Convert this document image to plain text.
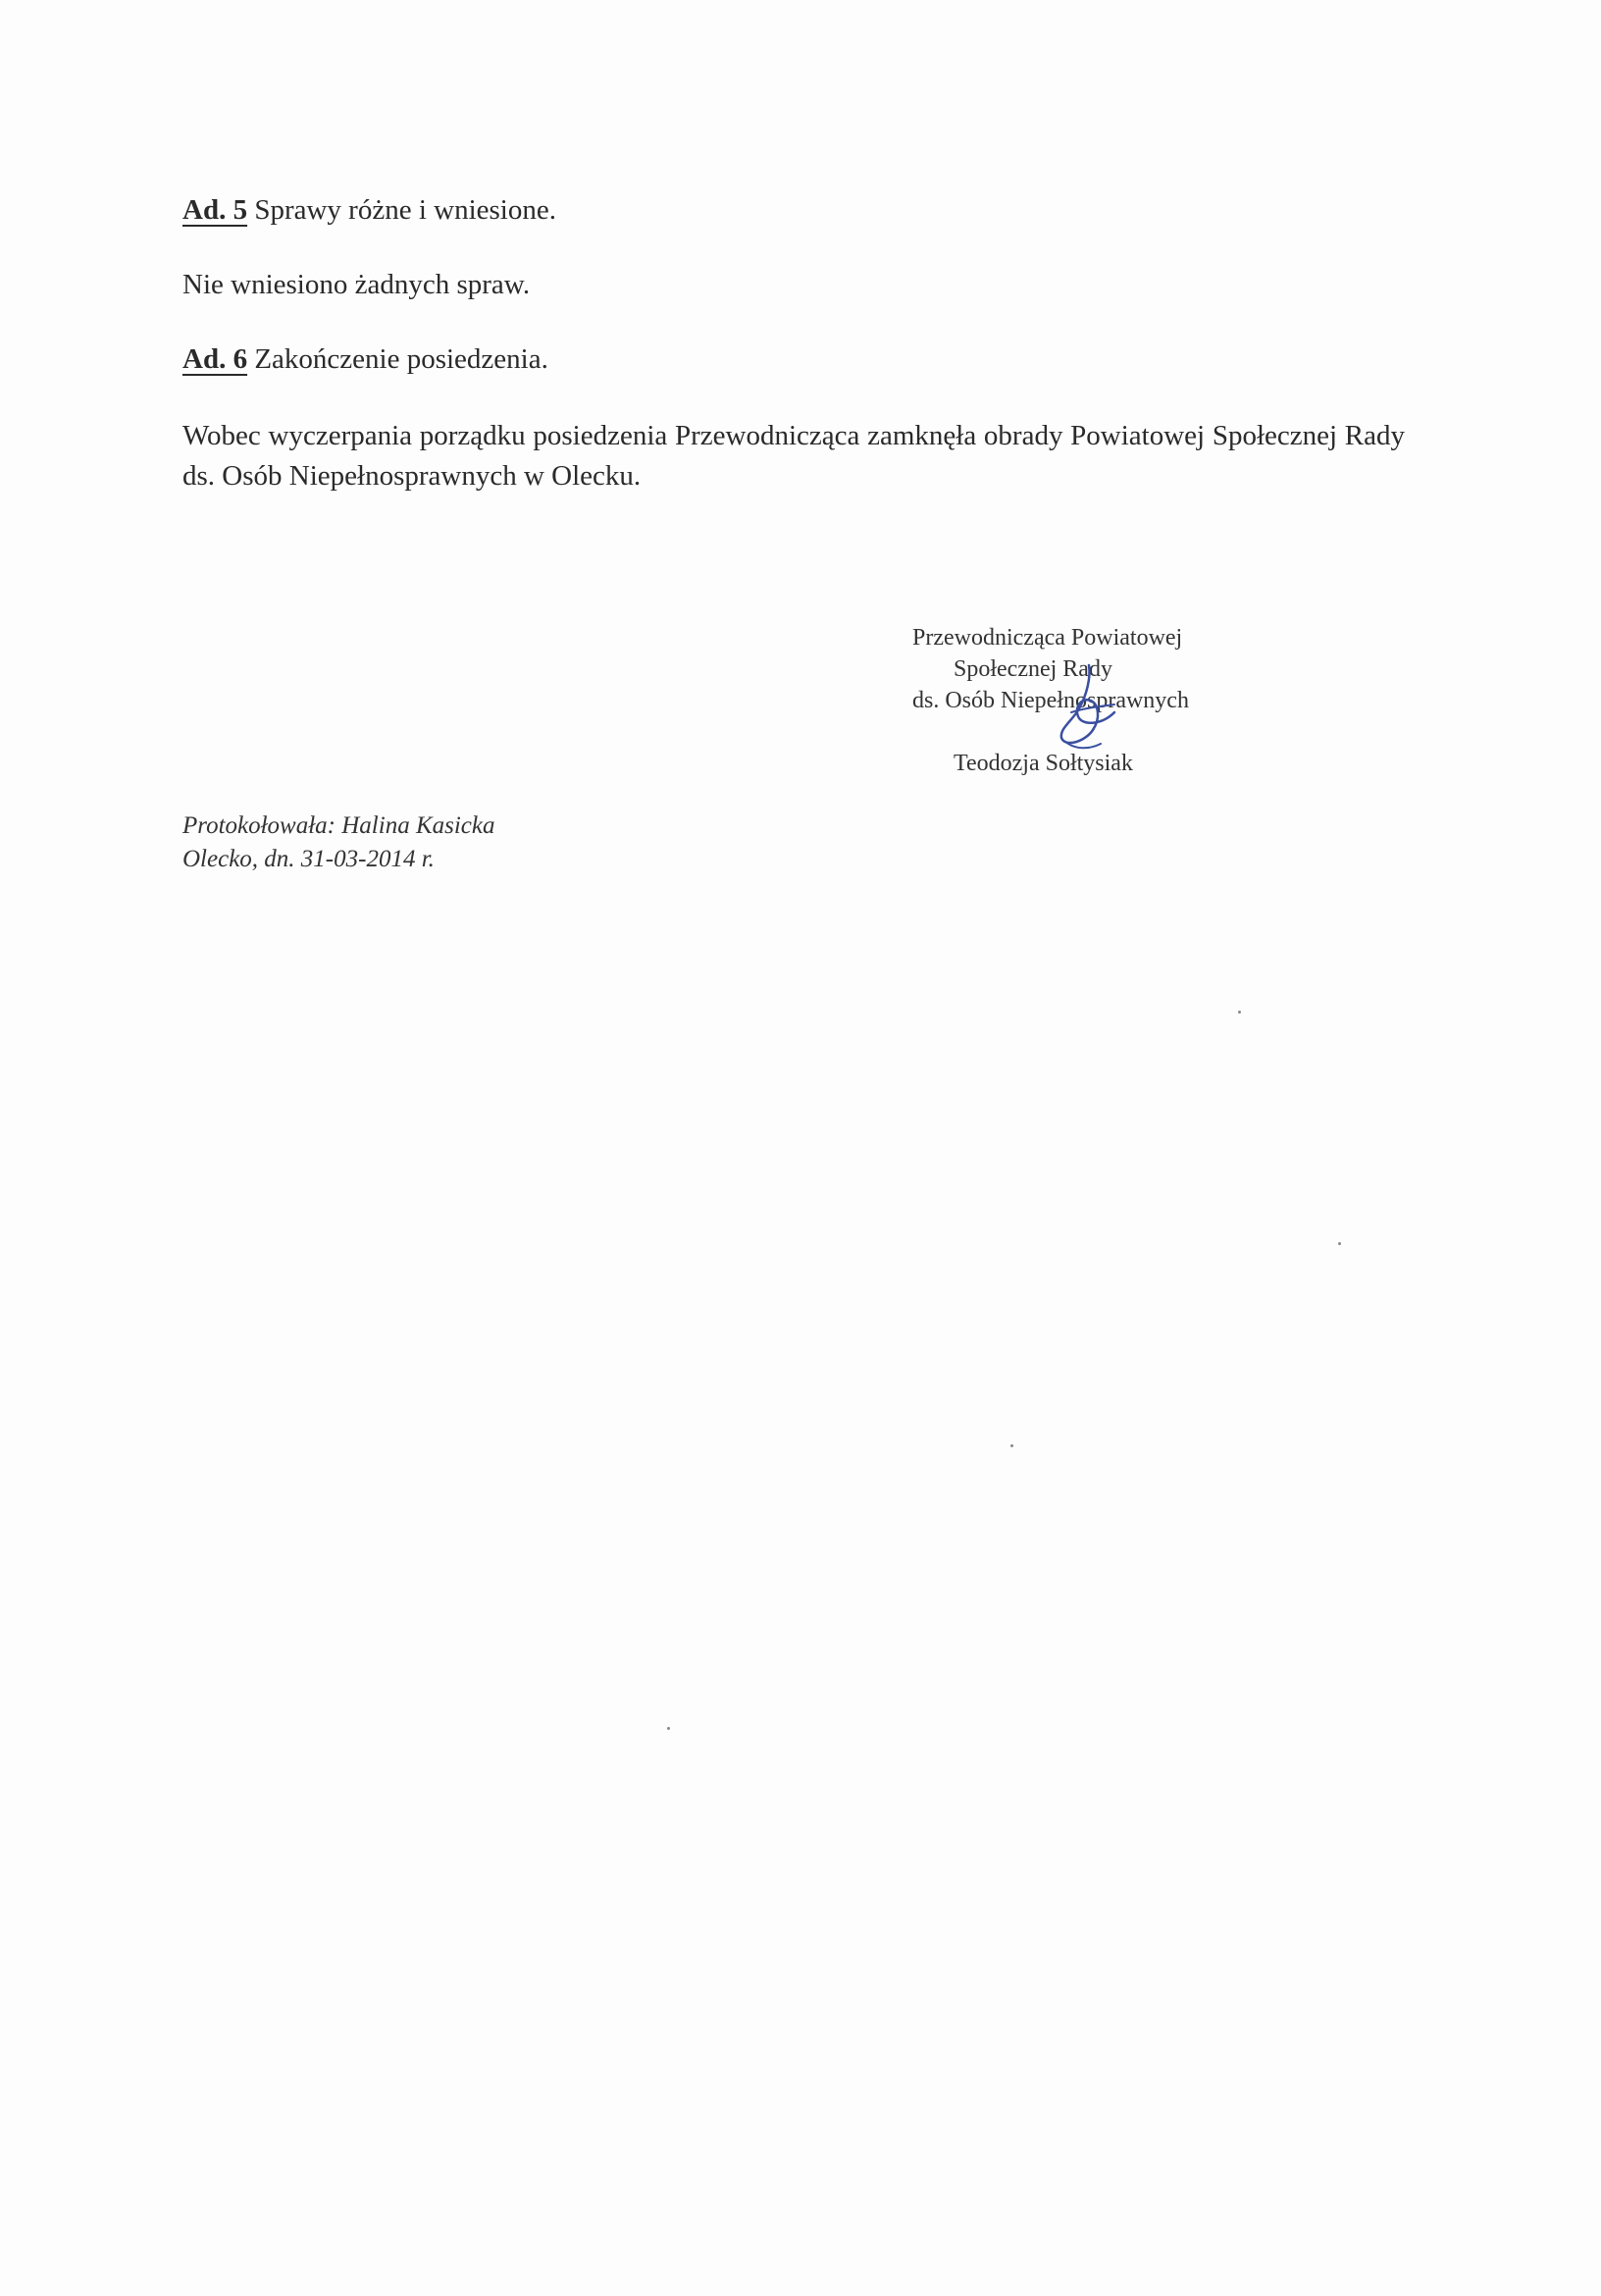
Ad. 5 Sprawy różne i wniesione.
Nie wniesiono żadnych spraw.
Ad. 6 Zakończenie posiedzenia.
Wobec wyczerpania porządku posiedzenia Przewodnicząca zamknęła obrady Powiatowej Społecznej Rady ds. Osób Niepełnosprawnych w Olecku.
Przewodnicząca Powiatowej
Społecznej Rady
ds. Osób Niepełnosprawnych
Teodozja Sołtysiak
Protokołowała: Halina Kasicka
Olecko, dn. 31-03-2014 r.
